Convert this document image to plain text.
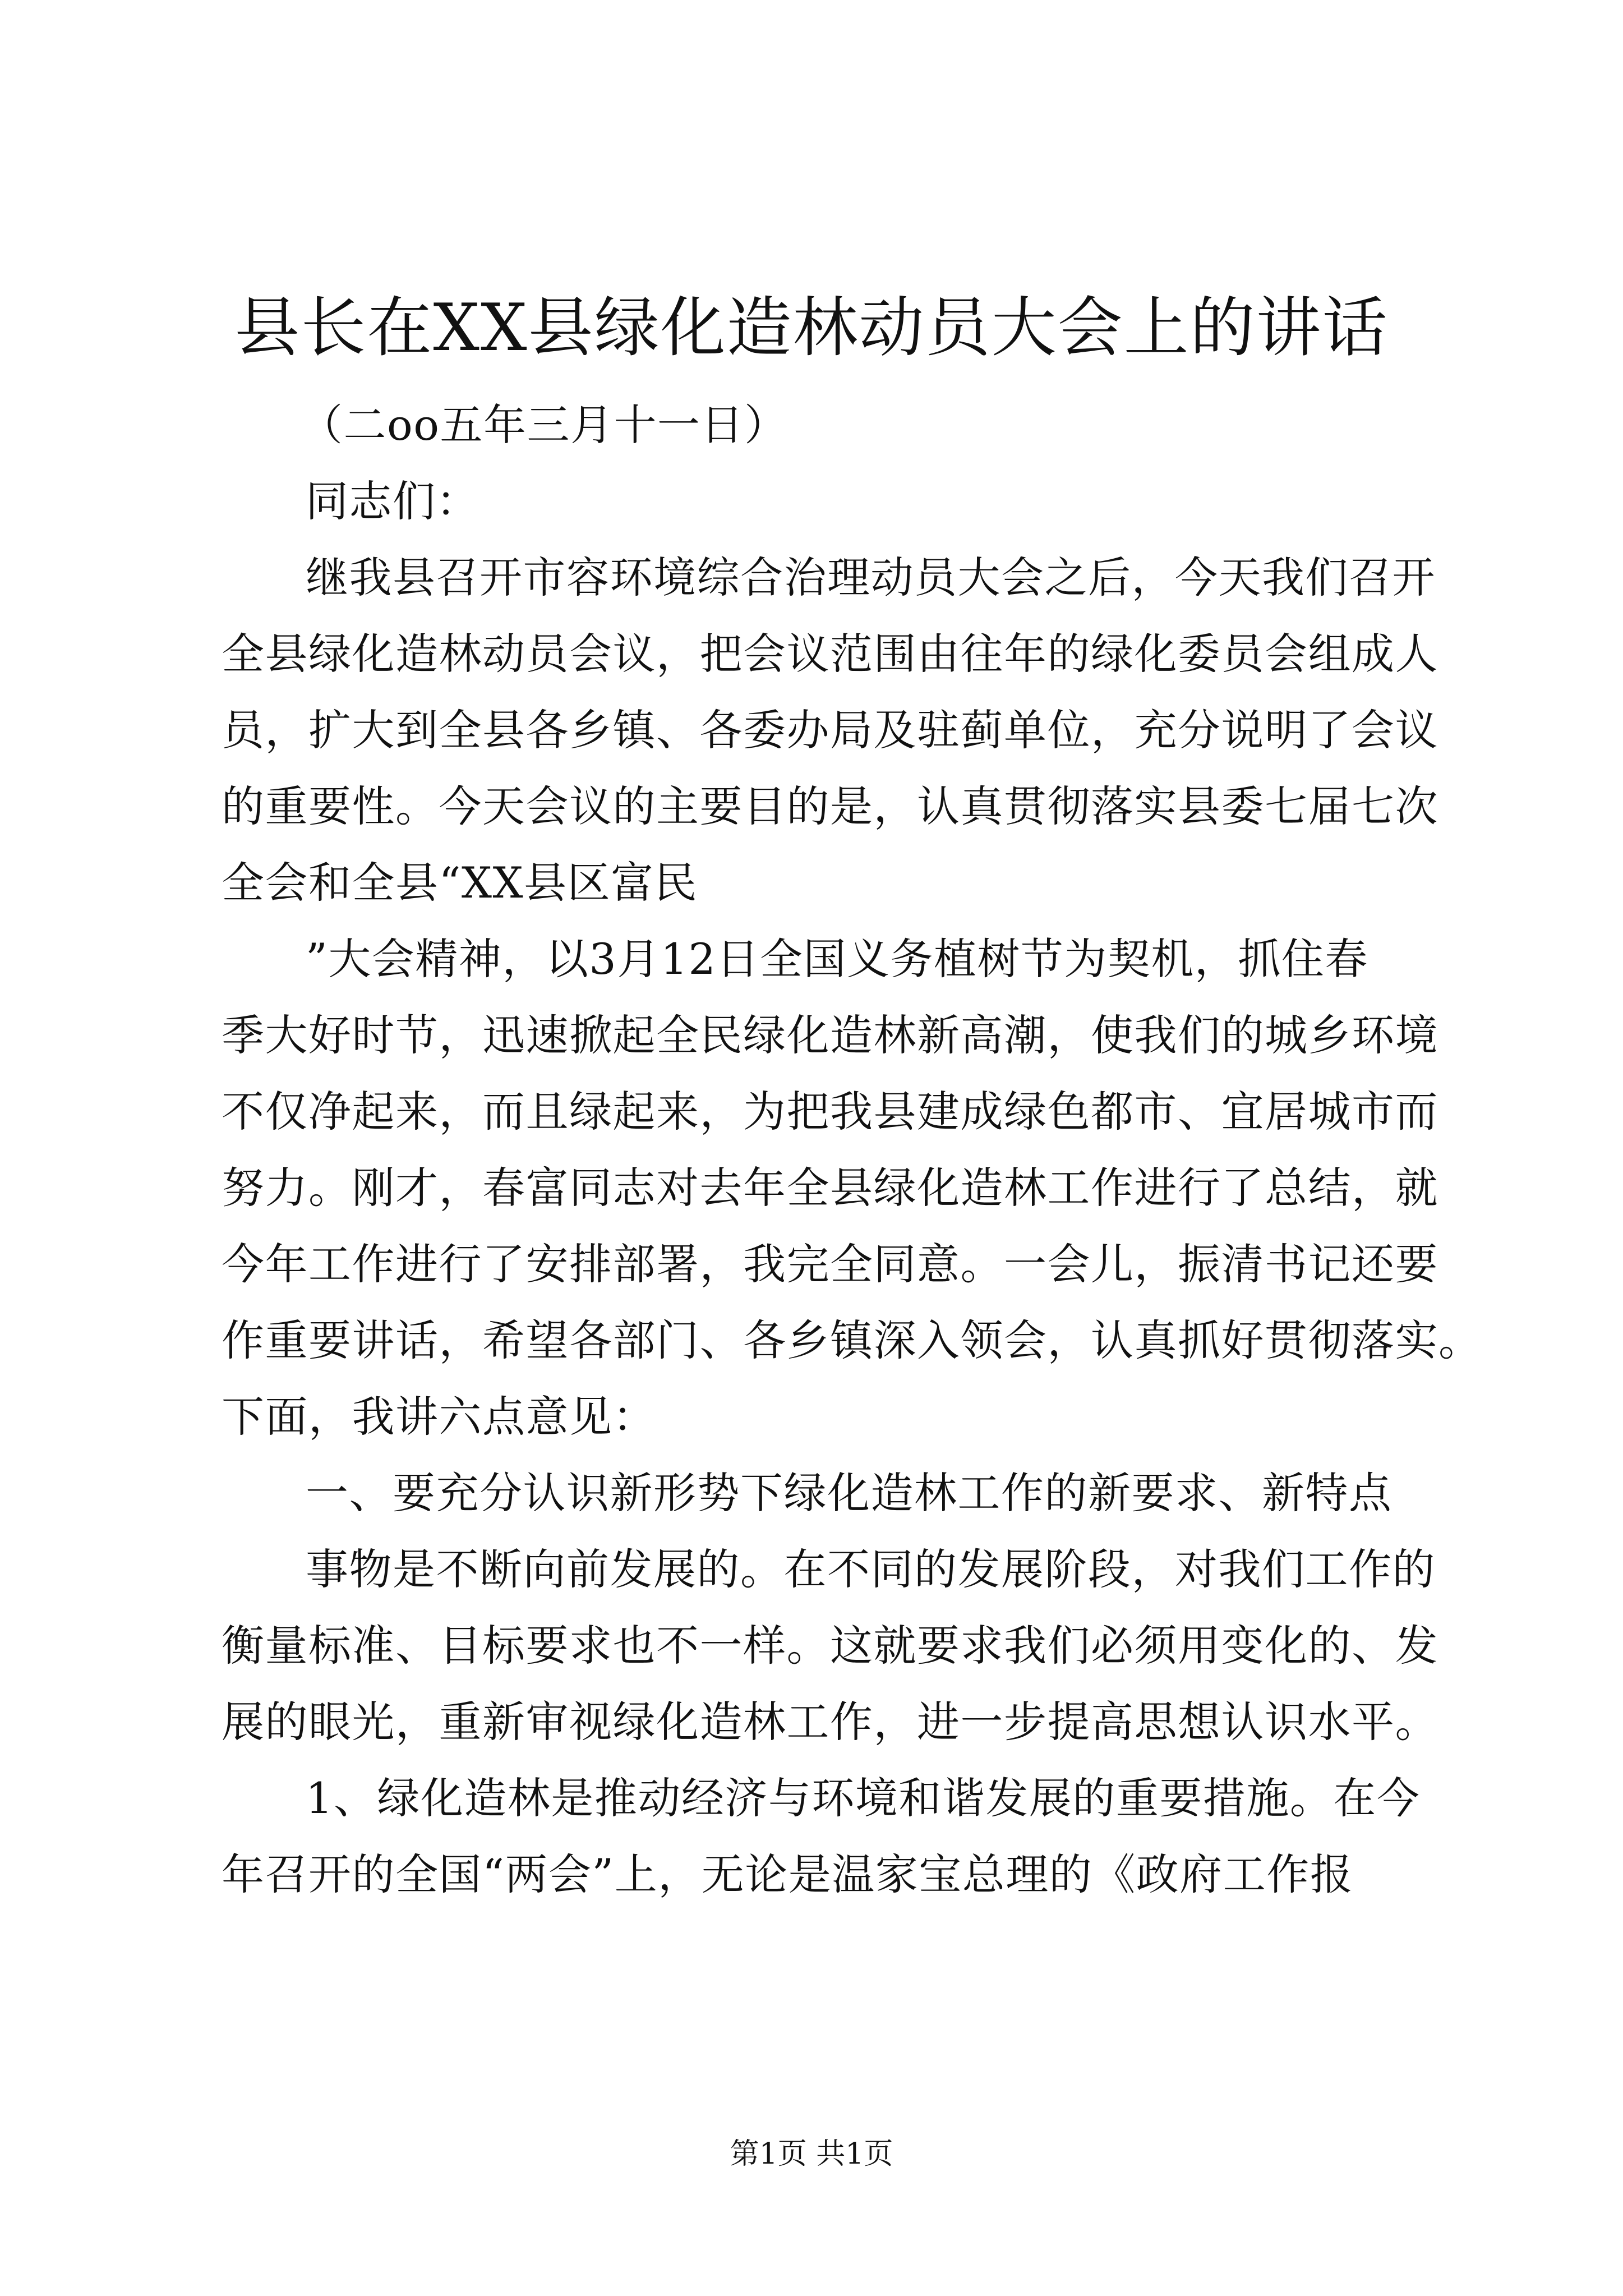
县长在XX县绿化造林动员大会上的讲话
（二oo五年三月十一日）
同志们：
继我县召开市容环境综合治理动员大会之后，今天我们召开
全县绿化造林动员会议，把会议范围由往年的绿化委员会组成人
员，扩大到全县各乡镇、各委办局及驻蓟单位，充分说明了会议
的重要性。今天会议的主要目的是，认真贯彻落实县委七届七次
全会和全县“XX县区富民
”大会精神，以3月12日全国义务植树节为契机，抓住春
季大好时节，迅速掀起全民绿化造林新高潮，使我们的城乡环境
不仅净起来，而且绿起来，为把我县建成绿色都市、宜居城市而
努力。刚才，春富同志对去年全县绿化造林工作进行了总结，就
今年工作进行了安排部署，我完全同意。一会儿，振清书记还要
作重要讲话，希望各部门、各乡镇深入领会，认真抓好贯彻落实。
下面，我讲六点意见：
一、要充分认识新形势下绿化造林工作的新要求、新特点
事物是不断向前发展的。在不同的发展阶段，对我们工作的
衡量标准、目标要求也不一样。这就要求我们必须用变化的、发
展的眼光，重新审视绿化造林工作，进一步提高思想认识水平。
1、绿化造林是推动经济与环境和谐发展的重要措施。在今
年召开的全国“两会”上，无论是温家宝总理的《政府工作报
第1页 共1页
